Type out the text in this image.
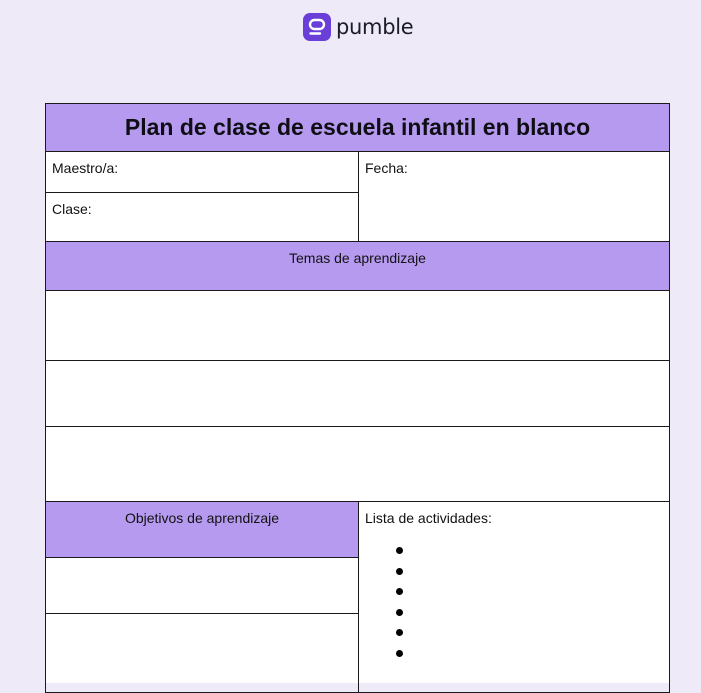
pumble
Plan de clase de escuela infantil en blanco
Maestro/a:	Fecha:
Clase:
Temas de aprendizaje
Objetivos de aprendizaje	Lista de actividades:
